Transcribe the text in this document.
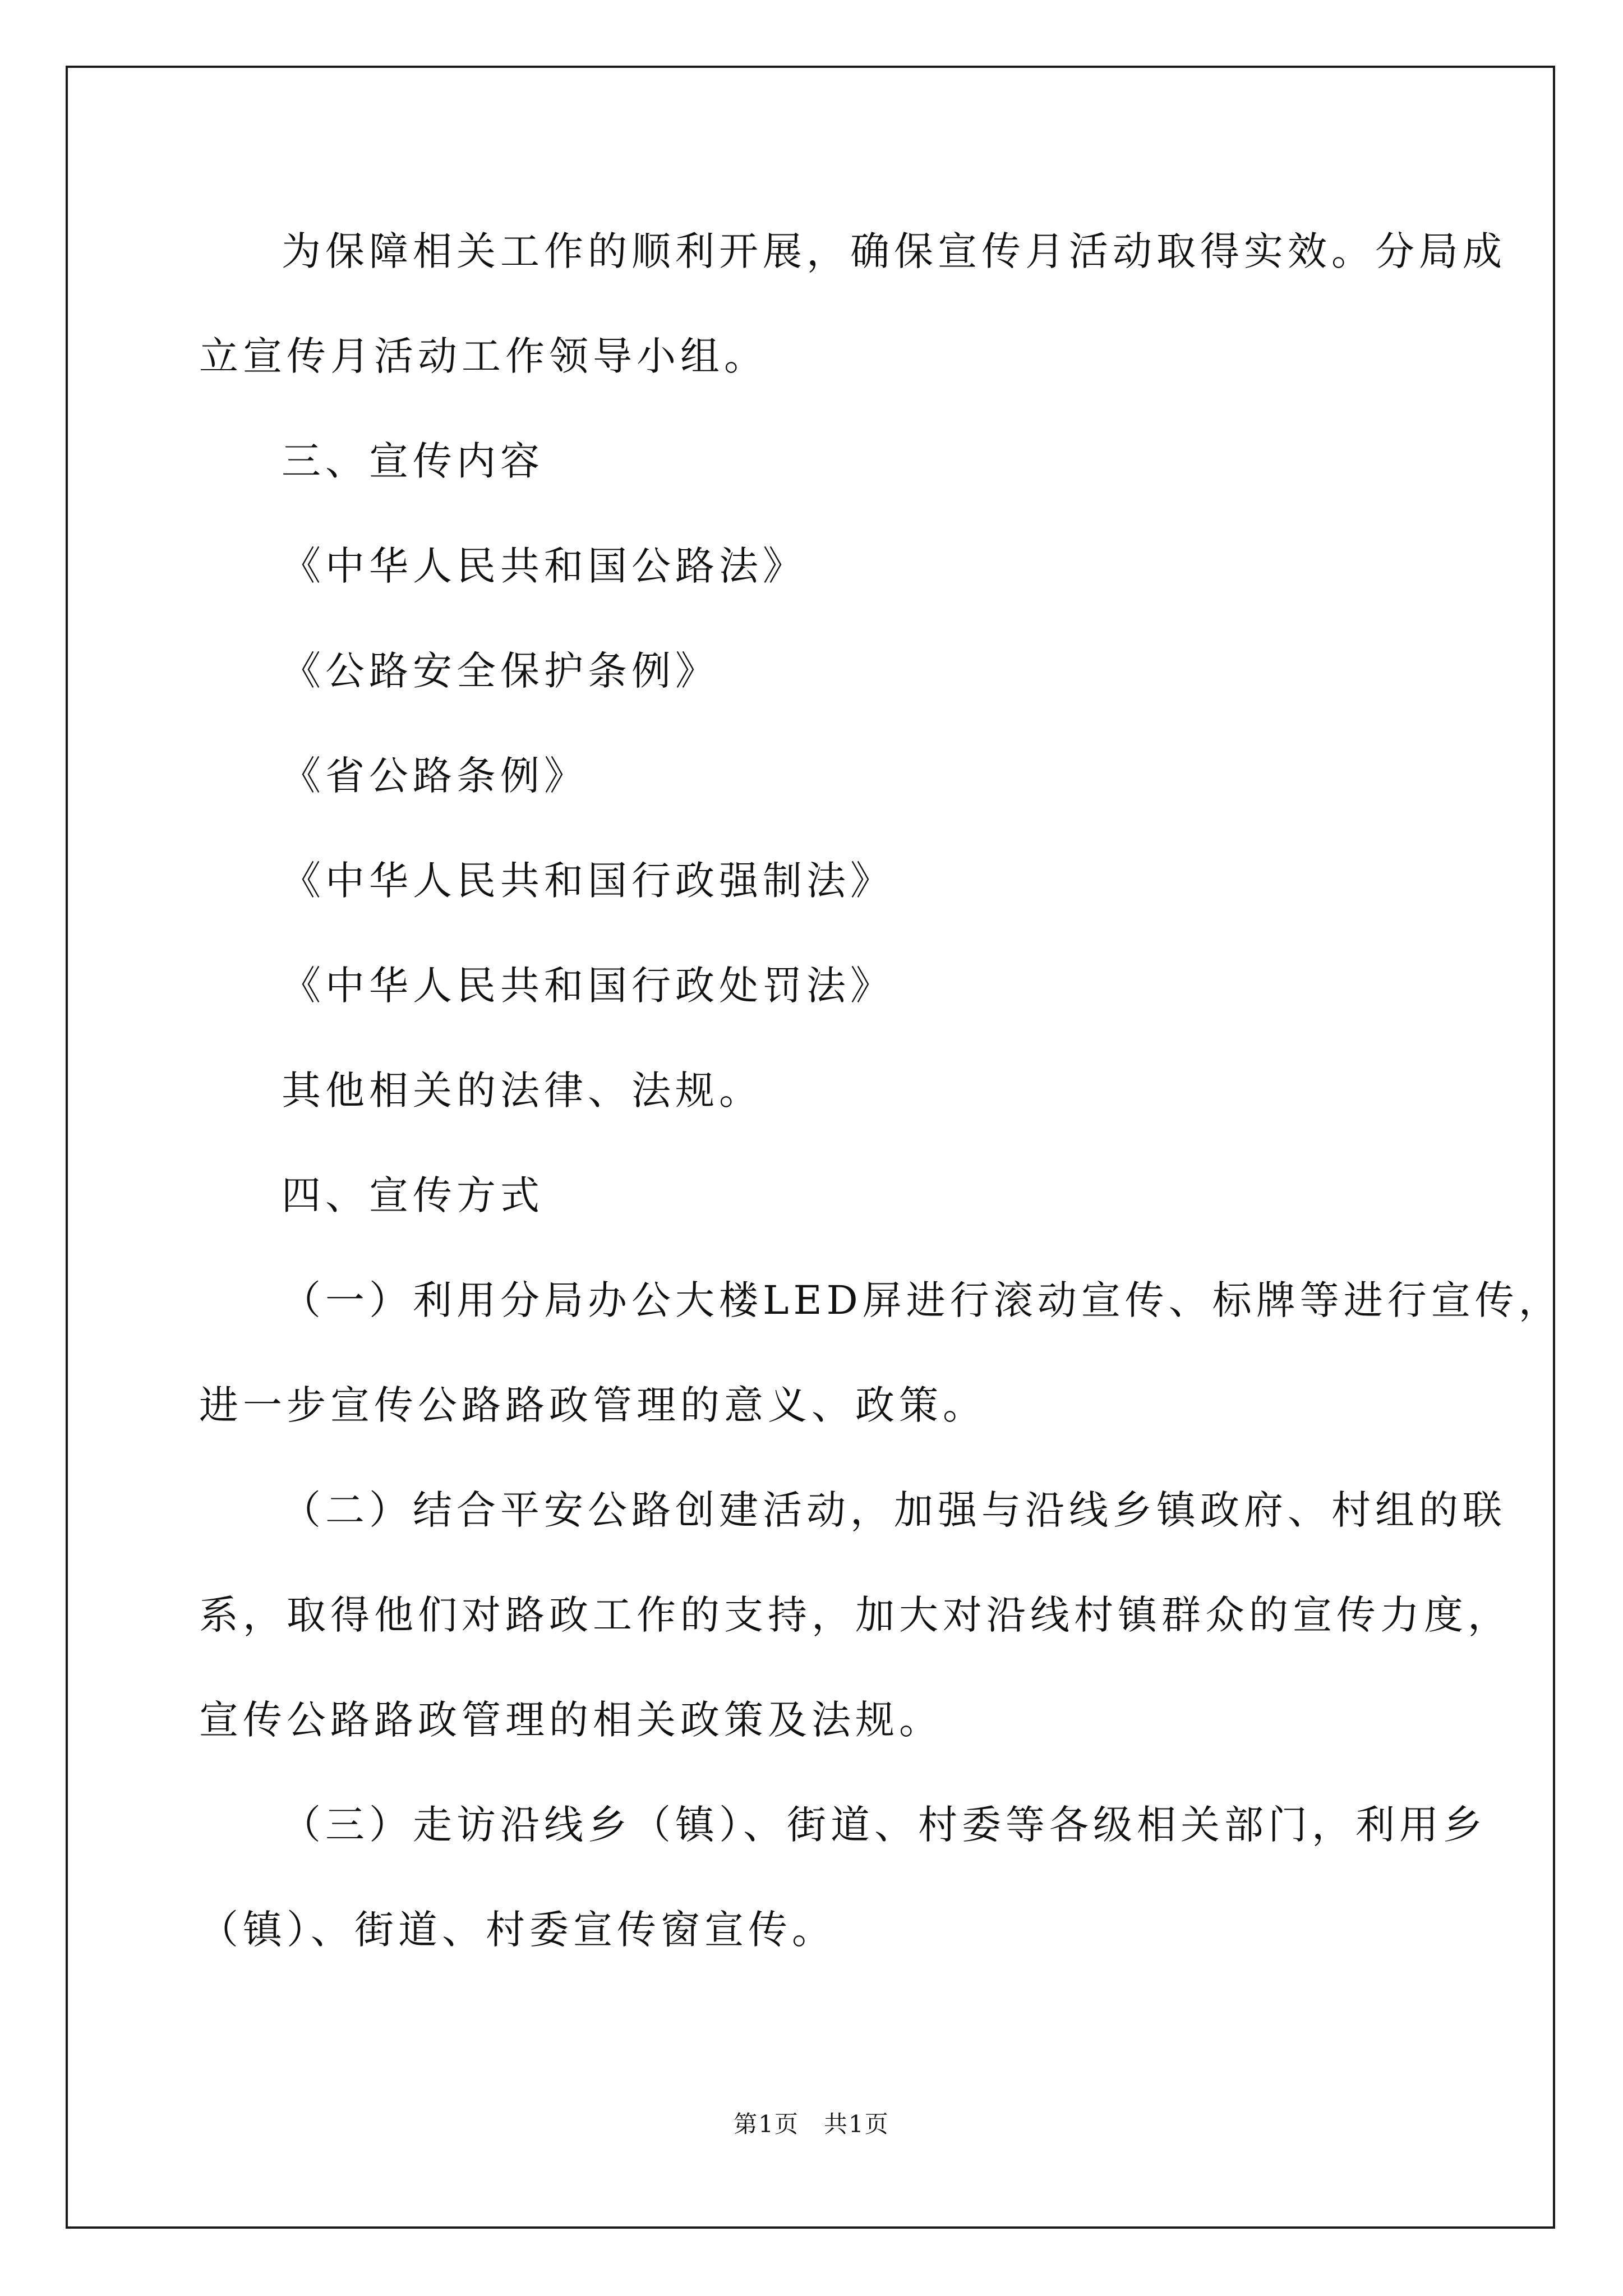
为保障相关工作的顺利开展，确保宣传月活动取得实效。分局成
立宣传月活动工作领导小组。
三、宣传内容
《中华人民共和国公路法》
《公路安全保护条例》
《省公路条例》
《中华人民共和国行政强制法》
《中华人民共和国行政处罚法》
其他相关的法律、法规。
四、宣传方式
（一）利用分局办公大楼LED屏进行滚动宣传、标牌等进行宣传，
进一步宣传公路路政管理的意义、政策。
（二）结合平安公路创建活动，加强与沿线乡镇政府、村组的联
系，取得他们对路政工作的支持，加大对沿线村镇群众的宣传力度，
宣传公路路政管理的相关政策及法规。
（三）走访沿线乡（镇）、街道、村委等各级相关部门，利用乡
（镇）、街道、村委宣传窗宣传。
第1页　共1页
